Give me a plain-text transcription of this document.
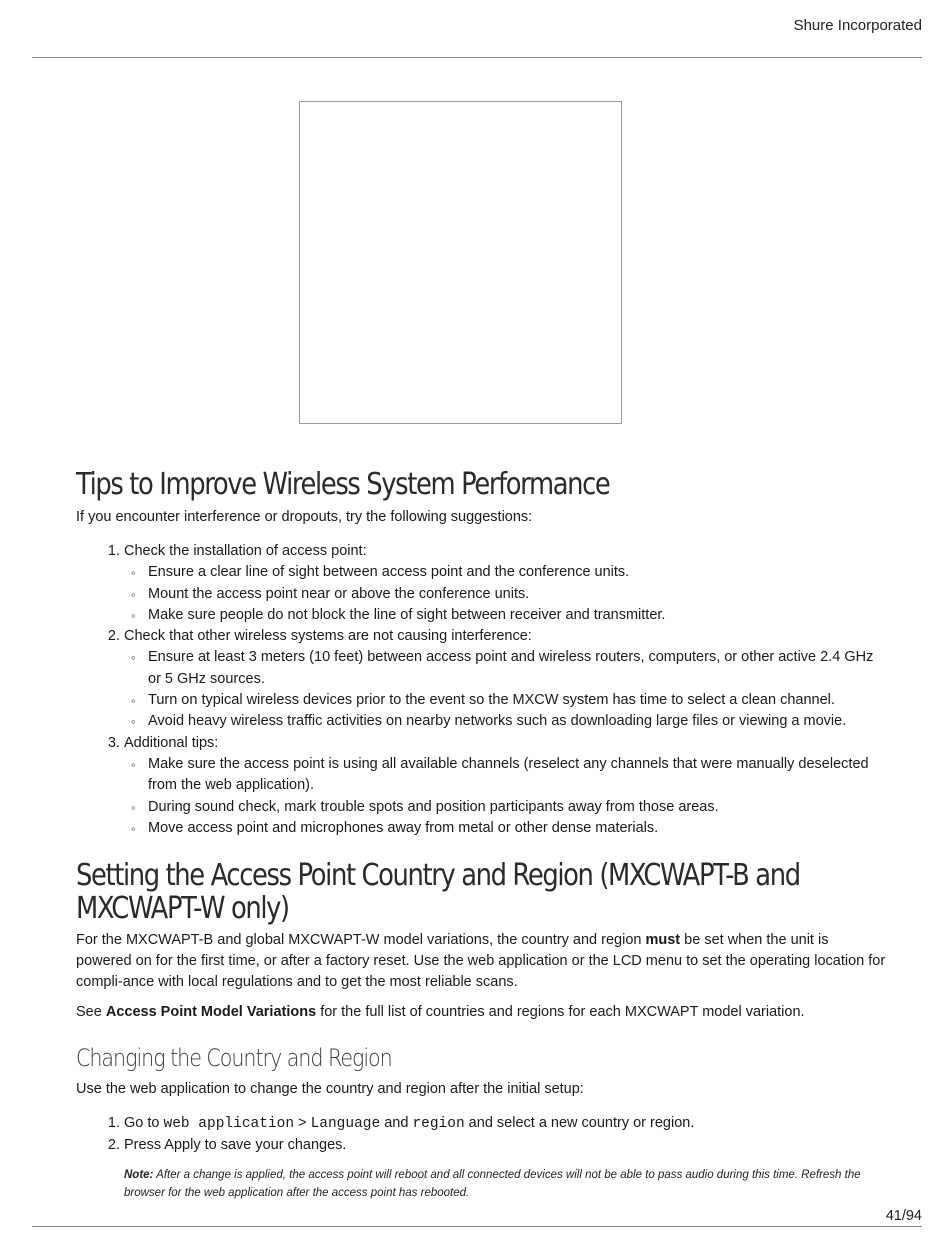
Shure Incorporated
Tips to Improve Wireless System Performance

If you encounter interference or dropouts, try the following suggestions:

1. Check the installation of access point:
◦ Ensure a clear line of sight between access point and the conference units.
◦ Mount the access point near or above the conference units.
◦ Make sure people do not block the line of sight between receiver and transmitter.
2. Check that other wireless systems are not causing interference:
◦ Ensure at least 3 meters (10 feet) between access point and wireless routers, computers, or other active 2.4 GHz or 5 GHz sources.
◦ Turn on typical wireless devices prior to the event so the MXCW system has time to select a clean channel.
◦ Avoid heavy wireless traffic activities on nearby networks such as downloading large files or viewing a movie.
3. Additional tips:
◦ Make sure the access point is using all available channels (reselect any channels that were manually deselected from the web application).
◦ During sound check, mark trouble spots and position participants away from those areas.
◦ Move access point and microphones away from metal or other dense materials.
Setting the Access Point Country and Region (MXCWAPT-B and MXCWAPT-W only)

For the MXCWAPT-B and global MXCWAPT-W model variations, the country and region must be set when the unit is powered on for the first time, or after a factory reset. Use the web application or the LCD menu to set the operating location for compli-ance with local regulations and to get the most reliable scans.

See Access Point Model Variations for the full list of countries and regions for each MXCWAPT model variation.

Changing the Country and Region

Use the web application to change the country and region after the initial setup:

1. Go to web application > Language and region and select a new country or region.
2. Press Apply to save your changes.
Note: After a change is applied, the access point will reboot and all connected devices will not be able to pass audio during this time. Refresh the browser for the web application after the access point has rebooted.
41/94
